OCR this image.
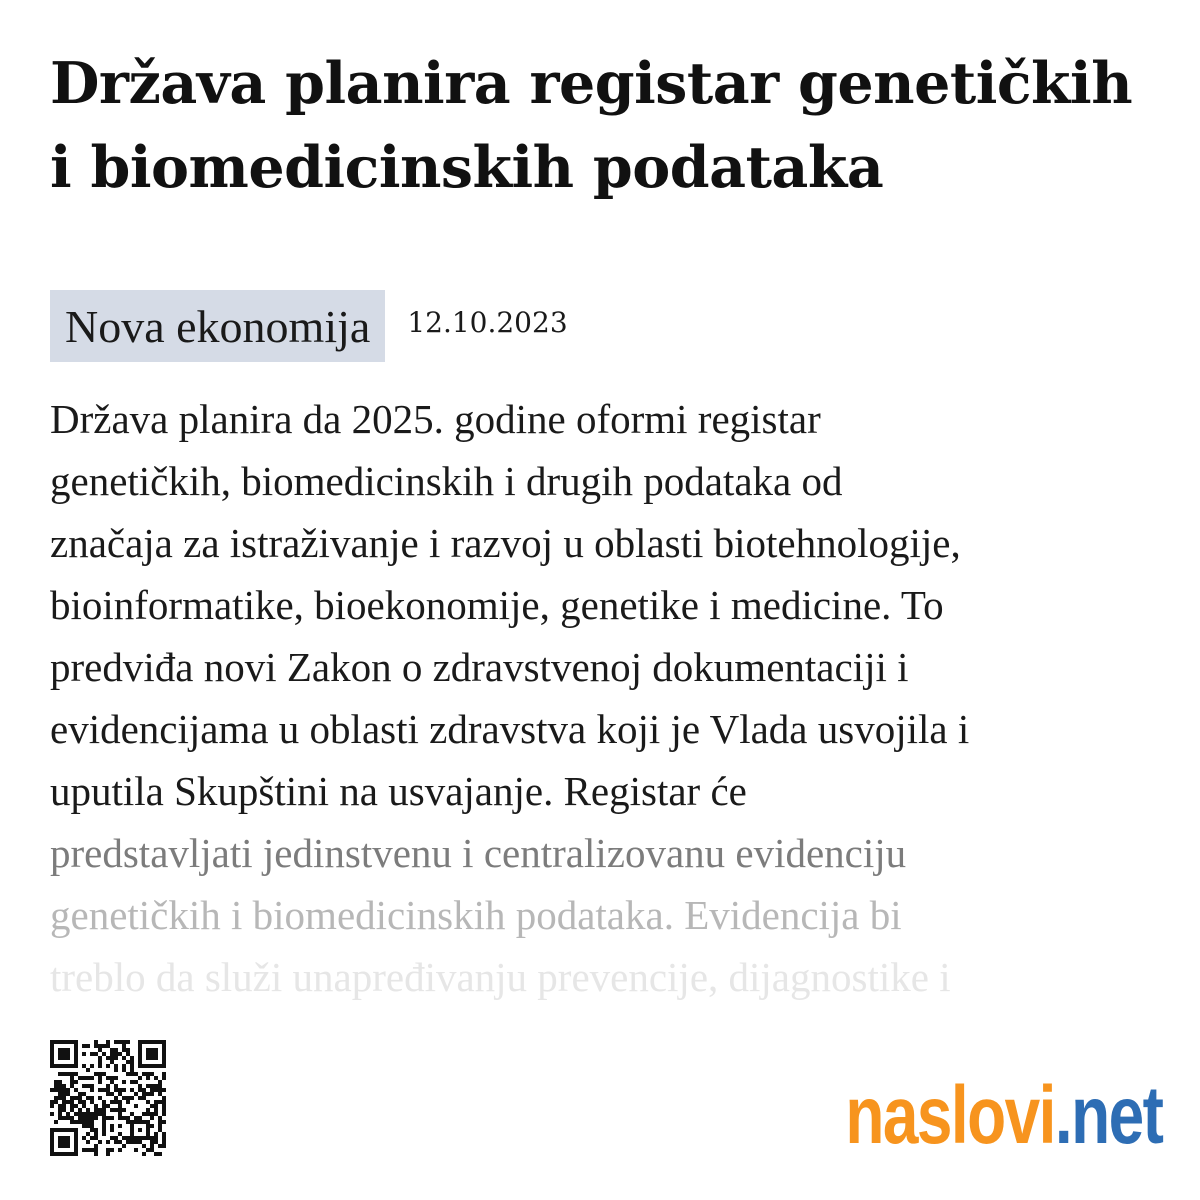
Država planira registar genetičkih i biomedicinskih podataka
Nova ekonomija	12.10.2023
Država planira da 2025. godine oformi registar
genetičkih, biomedicinskih i drugih podataka od
značaja za istraživanje i razvoj u oblasti biotehnologije,
bioinformatike, bioekonomije, genetike i medicine. To
predviđa novi Zakon o zdravstvenoj dokumentaciji i
evidencijama u oblasti zdravstva koji je Vlada usvojila i
uputila Skupštini na usvajanje. Registar će
predstavljati jedinstvenu i centralizovanu evidenciju
genetičkih i biomedicinskih podataka. Evidencija bi
treblo da služi unapređivanju prevencije, dijagnostike i
naslovi.net
